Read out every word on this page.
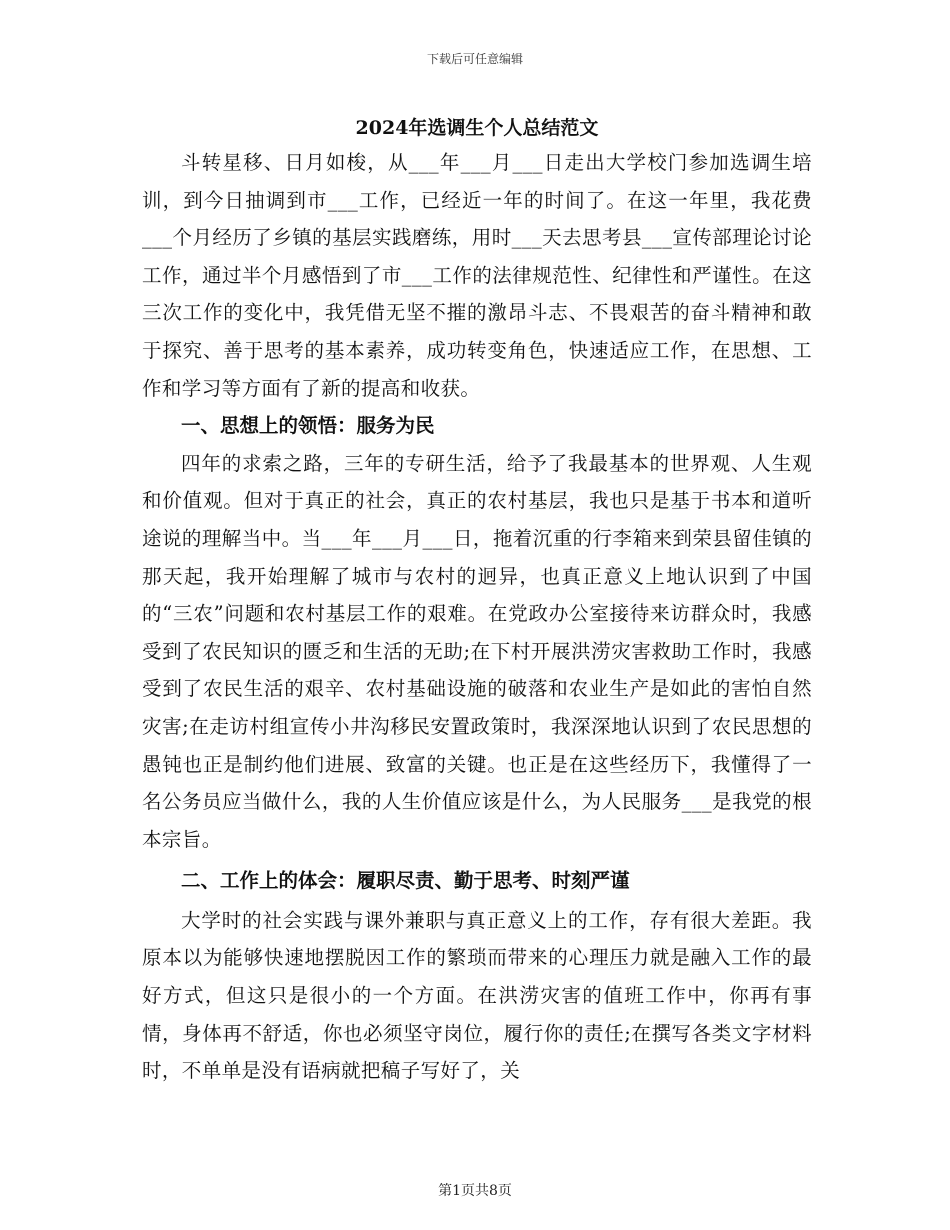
下载后可任意编辑
2024年选调生个人总结范文

斗转星移、日月如梭，从___年___月___日走出大学校门参加选调生培训，到今日抽调到市___工作，已经近一年的时间了。在这一年里，我花费___个月经历了乡镇的基层实践磨练，用时___天去思考县___宣传部理论讨论工作，通过半个月感悟到了市___工作的法律规范性、纪律性和严谨性。在这三次工作的变化中，我凭借无坚不摧的激昂斗志、不畏艰苦的奋斗精神和敢于探究、善于思考的基本素养，成功转变角色，快速适应工作，在思想、工作和学习等方面有了新的提高和收获。

一、思想上的领悟：服务为民

四年的求索之路，三年的专研生活，给予了我最基本的世界观、人生观和价值观。但对于真正的社会，真正的农村基层，我也只是基于书本和道听途说的理解当中。当___年___月___日，拖着沉重的行李箱来到荣县留佳镇的那天起，我开始理解了城市与农村的迥异，也真正意义上地认识到了中国的“三农”问题和农村基层工作的艰难。在党政办公室接待来访群众时，我感受到了农民知识的匮乏和生活的无助;在下村开展洪涝灾害救助工作时，我感受到了农民生活的艰辛、农村基础设施的破落和农业生产是如此的害怕自然灾害;在走访村组宣传小井沟移民安置政策时，我深深地认识到了农民思想的愚钝也正是制约他们进展、致富的关键。也正是在这些经历下，我懂得了一名公务员应当做什么，我的人生价值应该是什么，为人民服务___是我党的根本宗旨。

二、工作上的体会：履职尽责、勤于思考、时刻严谨

大学时的社会实践与课外兼职与真正意义上的工作，存有很大差距。我原本以为能够快速地摆脱因工作的繁琐而带来的心理压力就是融入工作的最好方式，但这只是很小的一个方面。在洪涝灾害的值班工作中，你再有事情，身体再不舒适，你也必须坚守岗位，履行你的责任;在撰写各类文字材料时，不单单是没有语病就把稿子写好了，关

第1页共8页
